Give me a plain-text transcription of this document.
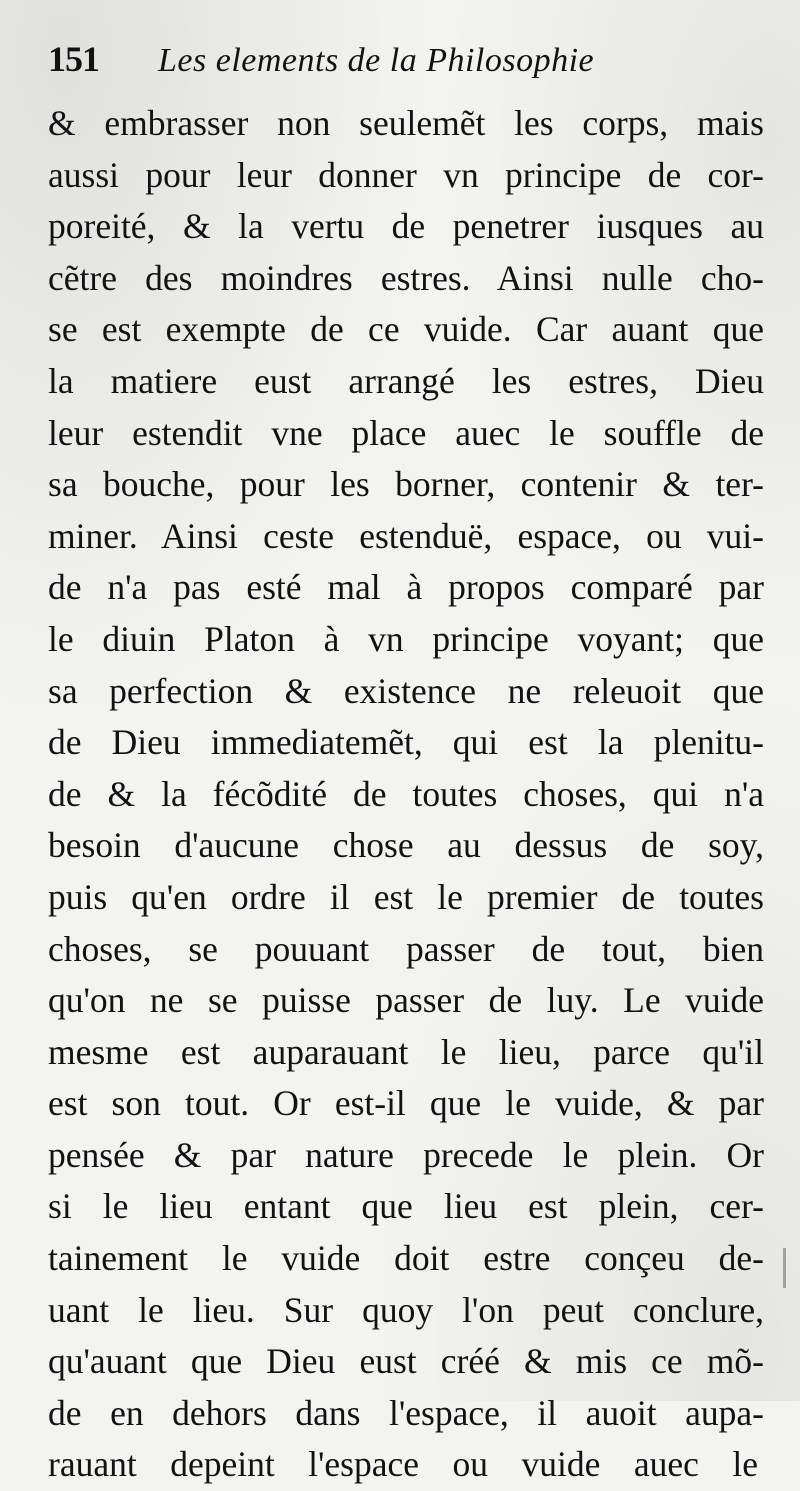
151	Les elements de la Philosophie
& embrasser non seulemẽt les corps, mais
aussi pour leur donner vn principe de cor-
poreité, & la vertu de penetrer iusques au
cẽtre des moindres estres. Ainsi nulle cho-
se est exempte de ce vuide. Car auant que
la matiere eust arrangé les estres, Dieu
leur estendit vne place auec le souffle de
sa bouche, pour les borner, contenir & ter-
miner. Ainsi ceste estenduë, espace, ou vui-
de n'a pas esté mal à propos comparé par
le diuin Platon à vn principe voyant; que
sa perfection & existence ne releuoit que
de Dieu immediatemẽt, qui est la plenitu-
de & la fécõdité de toutes choses, qui n'a
besoin d'aucune chose au dessus de soy,
puis qu'en ordre il est le premier de toutes
choses, se pouuant passer de tout, bien
qu'on ne se puisse passer de luy. Le vuide
mesme est auparauant le lieu, parce qu'il
est son tout. Or est-il que le vuide, & par
pensée & par nature precede le plein. Or
si le lieu entant que lieu est plein, cer-
tainement le vuide doit estre conçeu de-
uant le lieu. Sur quoy l'on peut conclure,
qu'auant que Dieu eust créé & mis ce mõ-
de en dehors dans l'espace, il auoit aupa-
rauant depeint l'espace ou vuide auec le
